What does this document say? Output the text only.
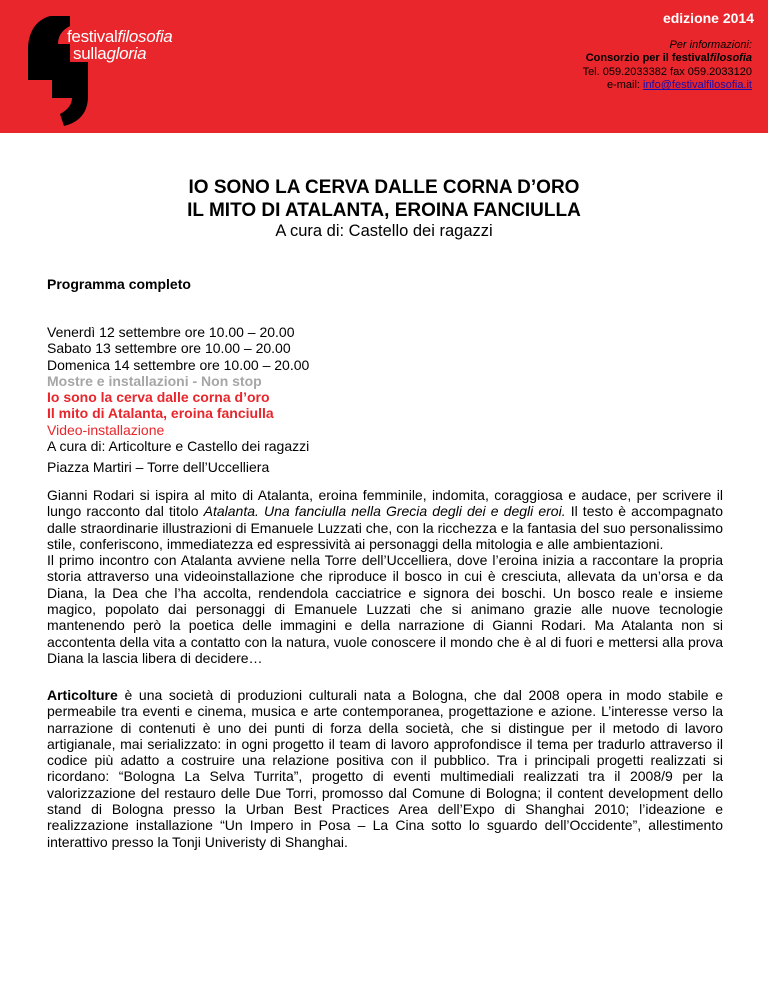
festivalfilosofia
sullagloria
edizione 2014
Per informazioni:
Consorzio per il festivalfilosofia
Tel. 059.2033382 fax 059.2033120
e-mail: info@festivalfilosofia.it
IO SONO LA CERVA DALLE CORNA D’ORO
IL MITO DI ATALANTA, EROINA FANCIULLA
A cura di: Castello dei ragazzi
Programma completo
Venerdì 12 settembre ore 10.00 – 20.00
Sabato 13 settembre ore 10.00 – 20.00
Domenica 14 settembre ore 10.00 – 20.00
Mostre e installazioni - Non stop
Io sono la cerva dalle corna d’oro
Il mito di Atalanta, eroina fanciulla
Video-installazione
A cura di: Articolture e Castello dei ragazzi
Piazza Martiri – Torre dell’Uccelliera

Gianni Rodari si ispira al mito di Atalanta, eroina femminile, indomita, coraggiosa e audace, per scrivere il lungo racconto dal titolo Atalanta. Una fanciulla nella Grecia degli dei e degli eroi. Il testo è accompagnato dalle straordinarie illustrazioni di Emanuele Luzzati che, con la ricchezza e la fantasia del suo personalissimo stile, conferiscono, immediatezza ed espressività ai personaggi della mitologia e alle ambientazioni.

Il primo incontro con Atalanta avviene nella Torre dell’Uccelliera, dove l’eroina inizia a raccontare la propria storia attraverso una videoinstallazione che riproduce il bosco in cui è cresciuta, allevata da un’orsa e da Diana, la Dea che l’ha accolta, rendendola cacciatrice e signora dei boschi. Un bosco reale e insieme magico, popolato dai personaggi di Emanuele Luzzati che si animano grazie alle nuove tecnologie mantenendo però la poetica delle immagini e della narrazione di Gianni Rodari. Ma Atalanta non si accontenta della vita a contatto con la natura, vuole conoscere il mondo che è al di fuori e mettersi alla prova Diana la lascia libera di decidere…

Articolture è una società di produzioni culturali nata a Bologna, che dal 2008 opera in modo stabile e permeabile tra eventi e cinema, musica e arte contemporanea, progettazione e azione. L’interesse verso la narrazione di contenuti è uno dei punti di forza della società, che si distingue per il metodo di lavoro artigianale, mai serializzato: in ogni progetto il team di lavoro approfondisce il tema per tradurlo attraverso il codice più adatto a costruire una relazione positiva con il pubblico. Tra i principali progetti realizzati si ricordano: “Bologna La Selva Turrita”, progetto di eventi multimediali realizzati tra il 2008/9 per la valorizzazione del restauro delle Due Torri, promosso dal Comune di Bologna; il content development dello stand di Bologna presso la Urban Best Practices Area dell’Expo di Shanghai 2010; l’ideazione e realizzazione installazione “Un Impero in Posa – La Cina sotto lo sguardo dell’Occidente”, allestimento interattivo presso la Tonji Univeristy di Shanghai.
